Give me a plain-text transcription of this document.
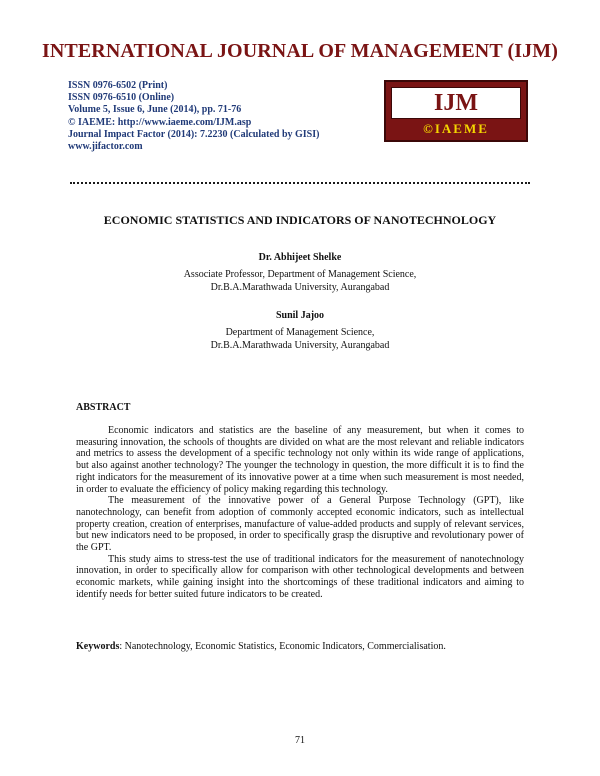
INTERNATIONAL JOURNAL OF MANAGEMENT (IJM)
ISSN 0976-6502 (Print)
ISSN 0976-6510 (Online)
Volume 5, Issue 6, June (2014), pp. 71-76
© IAEME: http://www.iaeme.com/IJM.asp
Journal Impact Factor (2014): 7.2230 (Calculated by GISI)
www.jifactor.com
IJM
©IAEME
ECONOMIC STATISTICS AND INDICATORS OF NANOTECHNOLOGY
Dr. Abhijeet Shelke
Associate Professor, Department of Management Science,
Dr.B.A.Marathwada University, Aurangabad
Sunil Jajoo
Department of Management Science,
Dr.B.A.Marathwada University, Aurangabad
ABSTRACT

Economic indicators and statistics are the baseline of any measurement, but when it comes to measuring innovation, the schools of thoughts are divided on what are the most relevant and reliable indicators and metrics to assess the development of a specific technology not only within its wide range of applications, but also against another technology? The younger the technology in question, the more difficult it is to find the right indicators for the measurement of its innovative power at a time when such measurement is most needed, in order to evaluate the efficiency of policy making regarding this technology.

The measurement of the innovative power of a General Purpose Technology (GPT), like nanotechnology, can benefit from adoption of commonly accepted economic indicators, such as intellectual property creation, creation of enterprises, manufacture of value-added products and supply of relevant services, but new indicators need to be proposed, in order to specifically grasp the disruptive and revolutionary power of the GPT.

This study aims to stress-test the use of traditional indicators for the measurement of nanotechnology innovation, in order to specifically allow for comparison with other technological developments and between economic markets, while gaining insight into the shortcomings of these traditional indicators and aiming to identify needs for better suited future indicators to be created.

Keywords: Nanotechnology, Economic Statistics, Economic Indicators, Commercialisation.
71
